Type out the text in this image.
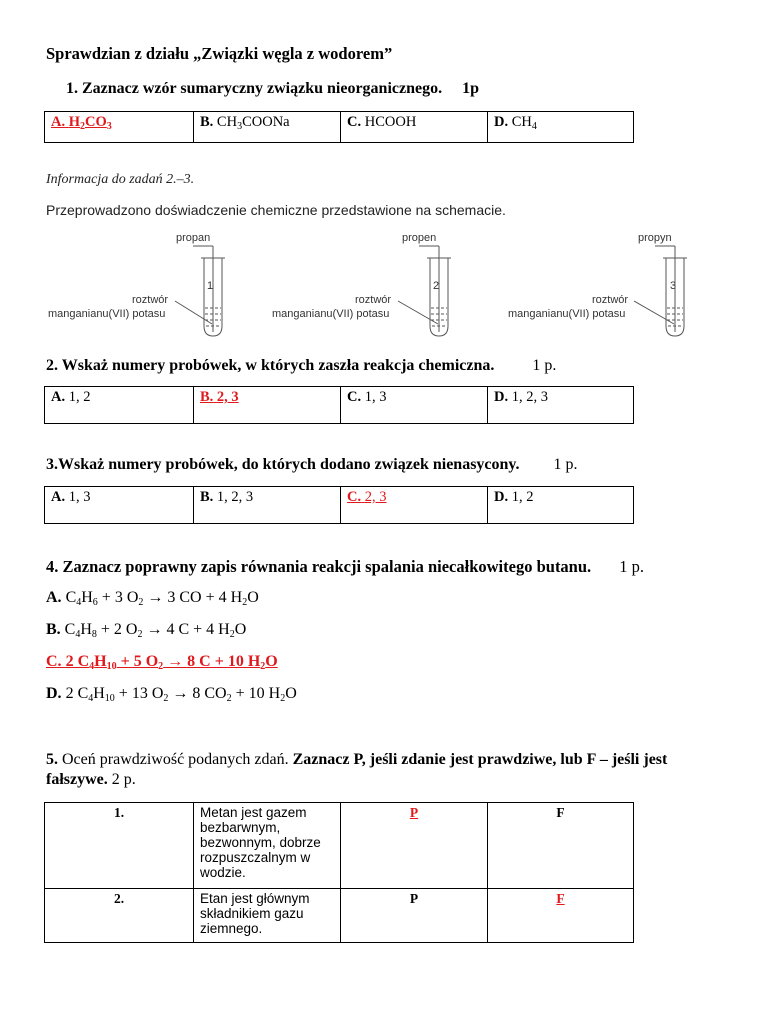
Sprawdzian z działu „Związki węgla z wodorem”
1. Zaznacz wzór sumaryczny związku nieorganicznego. 1p
A. $H_2CO_3$	B. $CH_3COONa$	C. HCOOH	D. $CH_4$
Informacja do zadań 2.–3.
Przeprowadzono doświadczenie chemiczne przedstawione na schemacie.
propan
1
roztwór
manganianu(VII) potasu
propen
2
roztwór
manganianu(VII) potasu
propyn
3
roztwór
manganianu(VII) potasu
2. Wskaż numery probówek, w których zaszła reakcja chemiczna. 1 p.
A. 1, 2	B. 2, 3	C. 1, 3	D. 1, 2, 3
3.Wskaż numery probówek, do których dodano związek nienasycony. 1 p.
A. 1, 3	B. 1, 2, 3	C. 2, 3	D. 1, 2
4. Zaznacz poprawny zapis równania reakcji spalania niecałkowitego butanu. 1 p.
A. $C_4H_6 + 3$ $O_2 \to 3$ CO + 4 $H_2O$
B. $C_4H_8 + 2$ $O_2 \to 4$ C + 4 $H_2O$
C. 2 $C_4H_{10} + 5$ $O_2 \to 8$ C + 10 $H_2O$
D. 2 $C_4H_{10} + 13$ $O_2 \to 8$ $CO_2 + 10$ $H_2O$
5. Oceń prawdziwość podanych zdań. Zaznacz P, jeśli zdanie jest prawdziwe, lub F – jeśli jest
fałszywe. 2 p.
1.	Metan jest gazem bezbarwnym, bezwonnym, dobrze rozpuszczalnym w wodzie.	P	F
2.	Etan jest głównym składnikiem gazu ziemnego.	P	F
